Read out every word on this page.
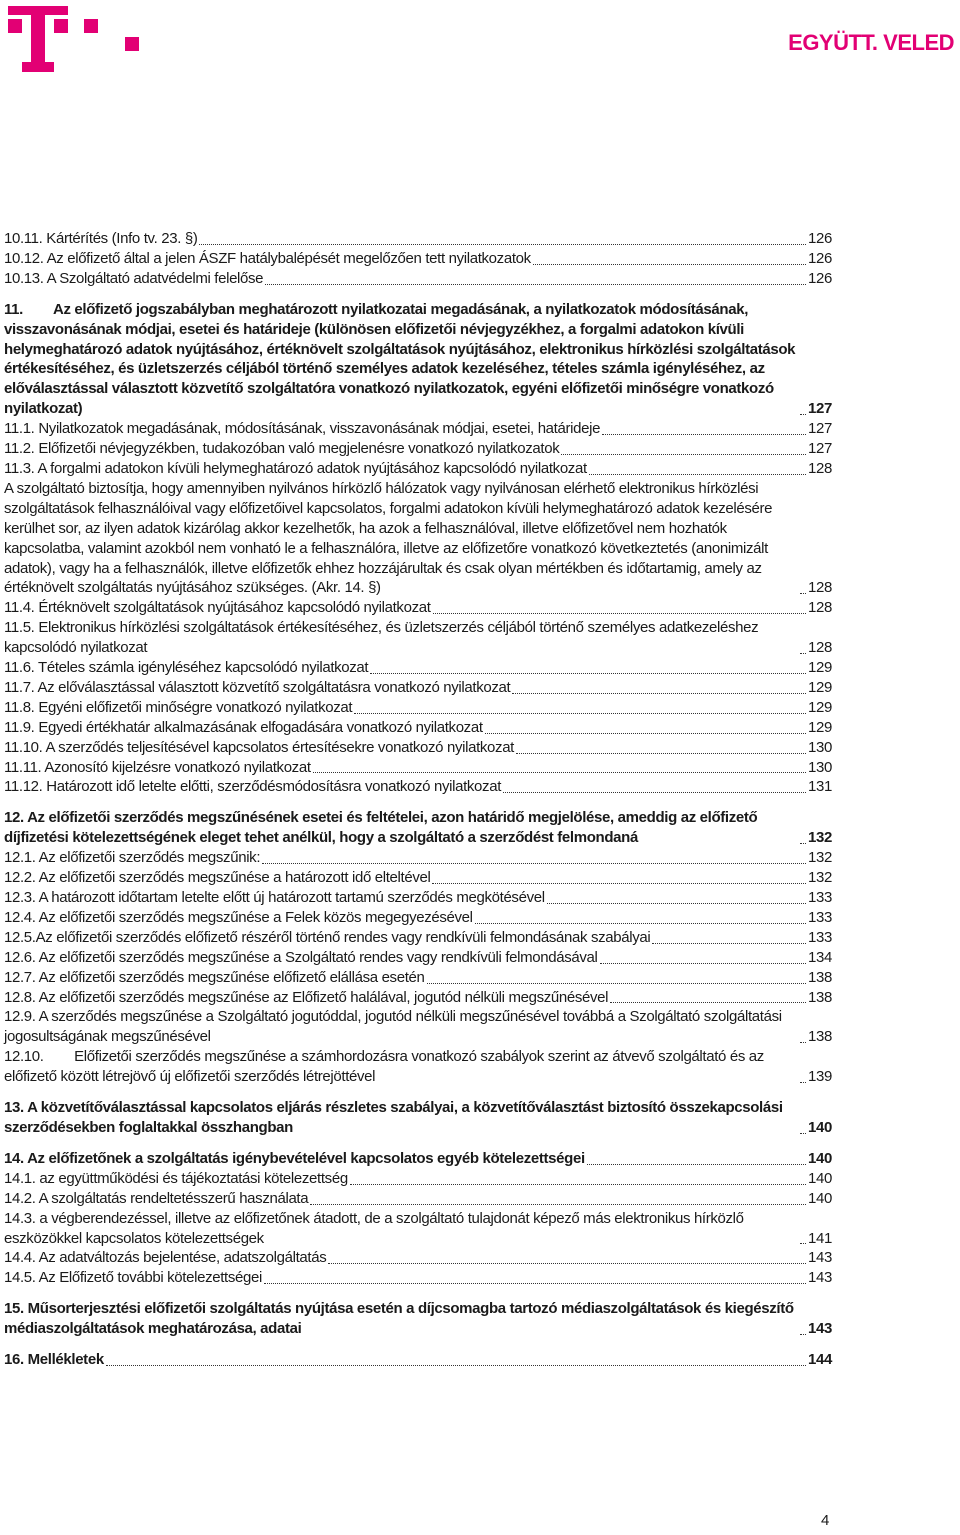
EGYÜTT. VELED
10.11. Kártérítés (Info tv. 23. §)	126
10.12. Az előfizető által a jelen ÁSZF hatálybalépését megelőzően tett nyilatkozatok	126
10.13. A Szolgáltató adatvédelmi felelőse	126
11.        Az előfizető jogszabályban meghatározott nyilatkozatai megadásának, a nyilatkozatok módosításának, visszavonásának módjai, esetei és határideje (különösen előfizetői névjegyzékhez, a forgalmi adatokon kívüli helymeghatározó adatok nyújtásához, értéknövelt szolgáltatások nyújtásához, elektronikus hírközlési szolgáltatások értékesítéséhez, és üzletszerzés céljából történő személyes adatok kezeléséhez, tételes számla igényléséhez, az előválasztással választott közvetítő szolgáltatóra vonatkozó nyilatkozatok, egyéni előfizetői minőségre vonatkozó nyilatkozat)	127
11.1. Nyilatkozatok megadásának, módosításának, visszavonásának módjai, esetei, határideje	127
11.2. Előfizetői névjegyzékben, tudakozóban való megjelenésre vonatkozó nyilatkozatok	127
11.3. A forgalmi adatokon kívüli helymeghatározó adatok nyújtásához kapcsolódó nyilatkozat	128
A szolgáltató biztosítja, hogy amennyiben nyilvános hírközlő hálózatok vagy nyilvánosan elérhető elektronikus hírközlési szolgáltatások felhasználóival vagy előfizetőivel kapcsolatos, forgalmi adatokon kívüli helymeghatározó adatok kezelésére kerülhet sor, az ilyen adatok kizárólag akkor kezelhetők, ha azok a felhasználóval, illetve előfizetővel nem hozhatók kapcsolatba, valamint azokból nem vonható le a felhasználóra, illetve az előfizetőre vonatkozó következtetés (anonimizált adatok), vagy ha a felhasználók, illetve előfizetők ehhez hozzájárultak és csak olyan mértékben és időtartamig, amely az értéknövelt szolgáltatás nyújtásához szükséges. (Akr. 14. §)	128
11.4. Értéknövelt szolgáltatások nyújtásához kapcsolódó nyilatkozat	128
11.5. Elektronikus hírközlési szolgáltatások értékesítéséhez, és üzletszerzés céljából történő személyes adatkezeléshez kapcsolódó nyilatkozat	128
11.6. Tételes számla igényléséhez kapcsolódó nyilatkozat	129
11.7. Az előválasztással választott közvetítő szolgáltatásra vonatkozó nyilatkozat	129
11.8. Egyéni előfizetői minőségre vonatkozó nyilatkozat	129
11.9. Egyedi értékhatár alkalmazásának elfogadására vonatkozó nyilatkozat	129
11.10. A szerződés teljesítésével kapcsolatos értesítésekre vonatkozó nyilatkozat	130
11.11. Azonosító kijelzésre vonatkozó nyilatkozat	130
11.12. Határozott idő letelte előtti, szerződésmódosításra vonatkozó nyilatkozat	131
12. Az előfizetői szerződés megszűnésének esetei és feltételei, azon határidő megjelölése, ameddig az előfizető díjfizetési kötelezettségének eleget tehet anélkül, hogy a szolgáltató a szerződést felmondaná	132
12.1. Az előfizetői szerződés megszűnik:	132
12.2. Az előfizetői szerződés megszűnése a határozott idő elteltével	132
12.3. A határozott időtartam letelte előtt új határozott tartamú szerződés megkötésével	133
12.4. Az előfizetői szerződés megszűnése a Felek közös megegyezésével	133
12.5.Az előfizetői szerződés előfizető részéről történő rendes vagy rendkívüli felmondásának szabályai	133
12.6. Az előfizetői szerződés megszűnése a Szolgáltató rendes vagy rendkívüli felmondásával	134
12.7. Az előfizetői szerződés megszűnése előfizető elállása esetén	138
12.8. Az előfizetői szerződés megszűnése az Előfizető halálával, jogutód nélküli megszűnésével	138
12.9. A szerződés megszűnése a Szolgáltató jogutóddal, jogutód nélküli megszűnésével továbbá a Szolgáltató szolgáltatási jogosultságának megszűnésével	138
12.10.        Előfizetői szerződés megszűnése a számhordozásra vonatkozó szabályok szerint az átvevő szolgáltató és az előfizető között létrejövő új előfizetői szerződés létrejöttével	139
13. A közvetítőválasztással kapcsolatos eljárás részletes szabályai, a közvetítőválasztást biztosító összekapcsolási szerződésekben foglaltakkal összhangban	140
14. Az előfizetőnek a szolgáltatás igénybevételével kapcsolatos egyéb kötelezettségei	140
14.1. az együttműködési és tájékoztatási kötelezettség	140
14.2. A szolgáltatás rendeltetésszerű használata	140
14.3. a végberendezéssel, illetve az előfizetőnek átadott, de a szolgáltató tulajdonát képező más elektronikus hírközlő eszközökkel kapcsolatos kötelezettségek	141
14.4. Az adatváltozás bejelentése, adatszolgáltatás	143
14.5. Az Előfizető további kötelezettségei	143
15. Műsorterjesztési előfizetői szolgáltatás nyújtása esetén a díjcsomagba tartozó médiaszolgáltatások és kiegészítő médiaszolgáltatások meghatározása, adatai	143
16. Mellékletek	144
4
